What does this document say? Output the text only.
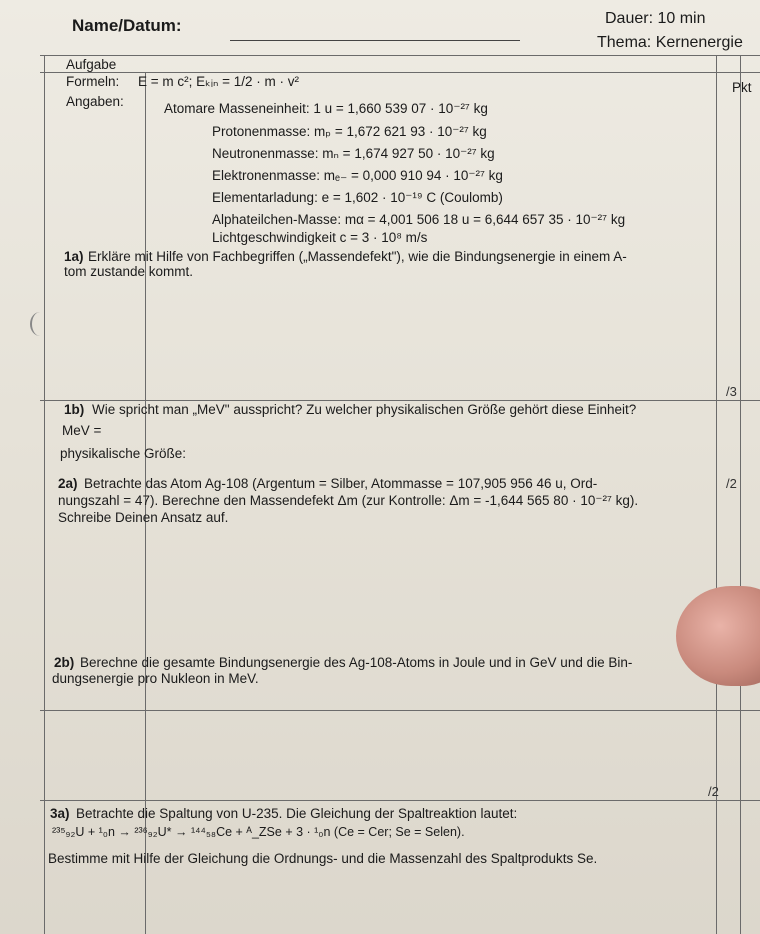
Name/Datum:	Dauer: 10 min
Thema: Kernenergie
Aufgabe
Pkt
Formeln: E = m c²; Eₖᵢₙ = 1/2 · m · v²
Angaben:	Atomare Masseneinheit: 1 u = 1,660 539 07 · 10⁻²⁷ kg
Protonenmasse: mₚ = 1,672 621 93 · 10⁻²⁷ kg
Neutronenmasse: mₙ = 1,674 927 50 · 10⁻²⁷ kg
Elektronenmasse: mₑ₋ = 0,000 910 94 · 10⁻²⁷ kg
Elementarladung: e = 1,602 · 10⁻¹⁹ C (Coulomb)
Alphateilchen-Masse: mα = 4,001 506 18 u = 6,644 657 35 · 10⁻²⁷ kg
Lichtgeschwindigkeit c = 3 · 10⁸ m/s
1a) Erkläre mit Hilfe von Fachbegriffen („Massendefekt"), wie die Bindungsenergie in einem A-
tom zustande kommt.
1b) Wie spricht man „MeV" ausspricht? Zu welcher physikalischen Größe gehört diese Einheit?
/3
MeV =
physikalische Größe:
2a) Betrachte das Atom Ag-108 (Argentum = Silber, Atommasse = 107,905 956 46 u, Ord-
nungszahl = 47). Berechne den Massendefekt Δm (zur Kontrolle: Δm = -1,644 565 80 · 10⁻²⁷ kg).
Schreibe Deinen Ansatz auf.
/2
2b) Berechne die gesamte Bindungsenergie des Ag-108-Atoms in Joule und in GeV und die Bin-
dungsenergie pro Nukleon in MeV.
/2
3a) Betrachte die Spaltung von U-235. Die Gleichung der Spaltreaktion lautet:
²³⁵₉₂U + ¹₀n → ²³⁶₉₂U* → ¹⁴⁴₅₈Ce + ᴬ_ZSe + 3 · ¹₀n (Ce = Cer; Se = Selen).
Bestimme mit Hilfe der Gleichung die Ordnungs- und die Massenzahl des Spaltprodukts Se.
